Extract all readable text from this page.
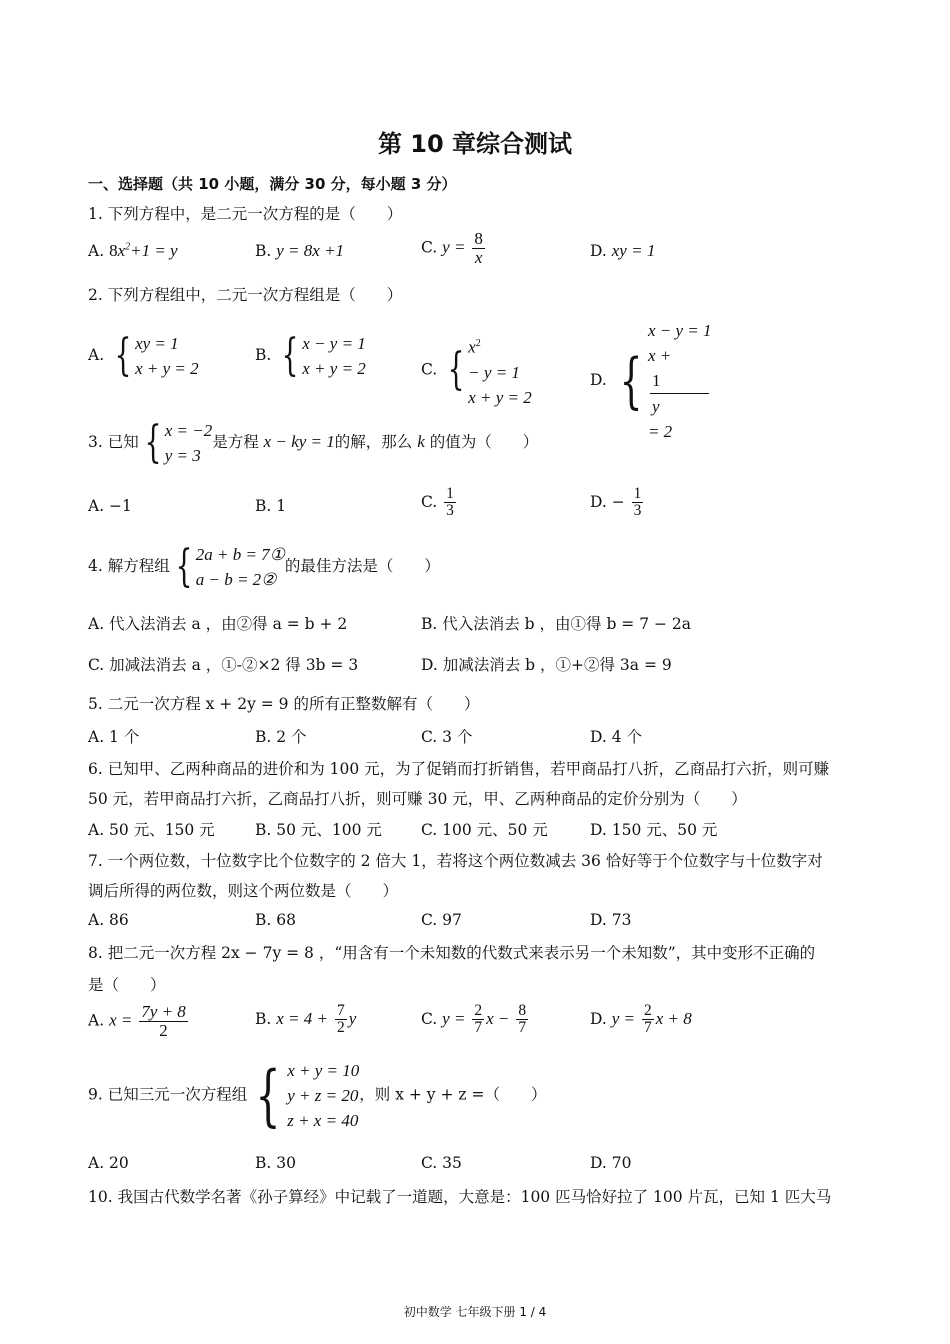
第 10 章综合测试
一、选择题（共 10 小题，满分 30 分，每小题 3 分）
1. 下列方程中，是二元一次方程的是（　　）
A. $8x^2+1 = y$	B. y = 8x +1	C. $y = \frac{8}{x}$	D. xy = 1
2. 下列方程组中，二元一次方程组是（　　）
A. { xy = 1
x + y = 2
B. { x − y = 1
x + y = 2	C. { $x^2$
− y = 1
x + y = 2
D. {
x − y = 1
x +
1
y
= 2
3. 已知 { x = −2
y = 3
是方程 x − ky = 1的解，那么 k 的值为（　　）
A. −1	B. 1	C. $\frac{1}{3}$	D. − $\frac{1}{3}$
4. 解方程组 { 2a + b = 7①
a − b = 2②
的最佳方法是（　　）
A. 代入法消去 a ，由②得 a = b + 2	B. 代入法消去 b ，由①得 b = 7 − 2a
C. 加减法消去 a ，①-②×2 得 3b = 3	D. 加减法消去 b ，①+②得 3a = 9
5. 二元一次方程 x + 2y = 9 的所有正整数解有（　　）
A. 1 个	B. 2 个	C. 3 个	D. 4 个
6. 已知甲、乙两种商品的进价和为 100 元，为了促销而打折销售，若甲商品打八折，乙商品打六折，则可赚
50 元，若甲商品打六折，乙商品打八折，则可赚 30 元，甲、乙两种商品的定价分别为（　　）
A. 50 元、150 元	B. 50 元、100 元	C. 100 元、50 元	D. 150 元、50 元
7. 一个两位数，十位数字比个位数字的 2 倍大 1，若将这个两位数减去 36 恰好等于个位数字与十位数字对
调后所得的两位数，则这个两位数是（　　）
A. 86	B. 68	C. 97	D. 73
8. 把二元一次方程 2x − 7y = 8 ，“用含有一个未知数的代数式来表示另一个未知数”，其中变形不正确的
是（　　）
A. $x = \frac{7y + 8}{2}$	B. $x = 4 + \frac{7}{2}$ y	C. $y = \frac{2}{7}$ $x - \frac{8}{7}$	D. $y = \frac{2}{7}$ x + 8
9. 已知三元一次方程组 { x + y = 10
y + z = 20
z + x = 40
，则 x + y + z =（　　）
A. 20	B. 30	C. 35	D. 70
10. 我国古代数学名著《孙子算经》中记载了一道题，大意是：100 匹马恰好拉了 100 片瓦，已知 1 匹大马
初中数学 七年级下册 1 / 4
